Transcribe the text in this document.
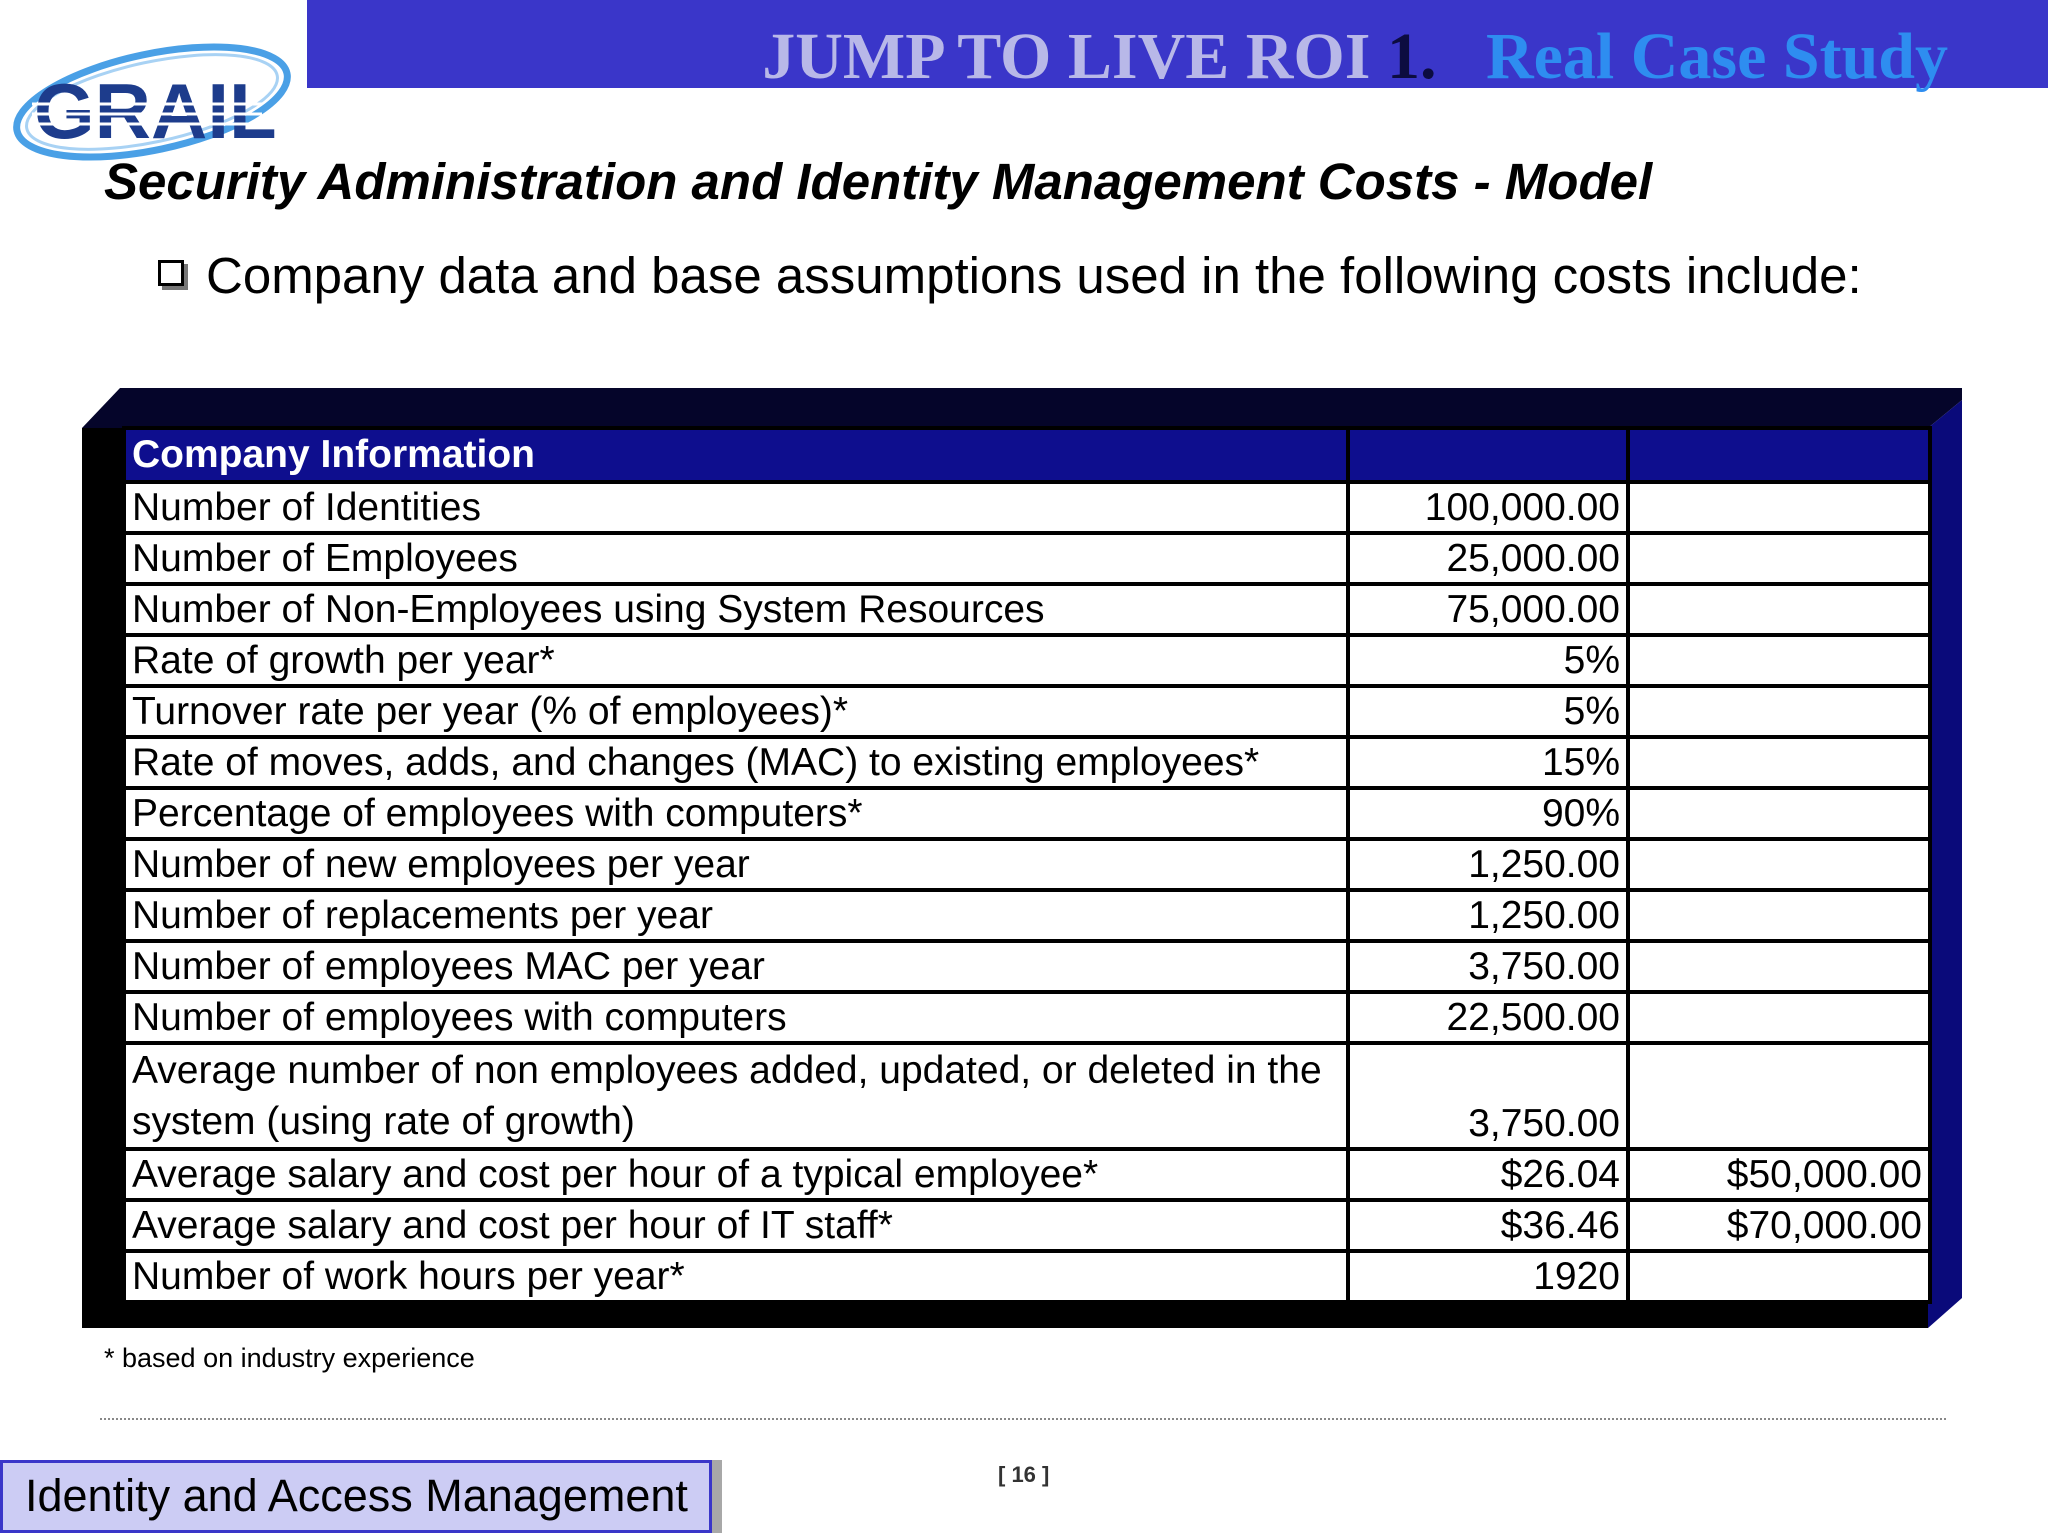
JUMP TO LIVE ROI 1. Real Case Study
GRAIL
Security Administration and Identity Management Costs - Model
Company data and base assumptions used in the following costs include:
Company Information		
Number of Identities	100,000.00	
Number of Employees	25,000.00	
Number of Non-Employees using System Resources	75,000.00	
Rate of growth per year*	5%	
Turnover rate per year (% of employees)*	5%	
Rate of moves, adds, and changes (MAC) to existing employees*	15%	
Percentage of employees with computers*	90%	
Number of new employees per year	1,250.00	
Number of replacements per year	1,250.00	
Number of employees MAC per year	3,750.00	
Number of employees with computers	22,500.00	
Average number of non employees added, updated, or deleted in the system (using rate of growth)	3,750.00	
Average salary and cost per hour of a typical employee*	$26.04	$50,000.00
Average salary and cost per hour of IT staff*	$36.46	$70,000.00
Number of work hours per year*	1920	
* based on industry experience
[ 16 ]
Identity and Access Management
